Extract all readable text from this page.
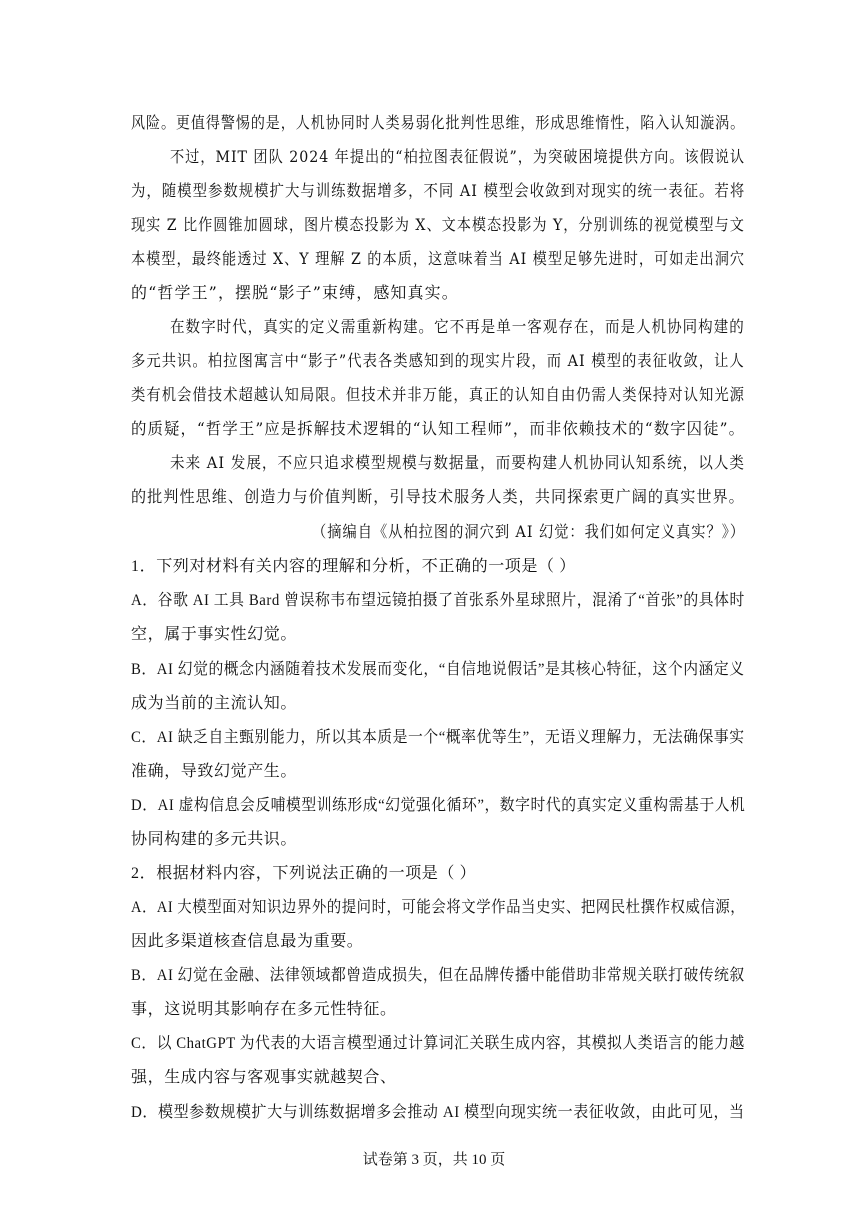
风险。更值得警惕的是，人机协同时人类易弱化批判性思维，形成思维惰性，陷入认知漩涡。
不过，MIT 团队 2024 年提出的“柏拉图表征假说”，为突破困境提供方向。该假说认
为，随模型参数规模扩大与训练数据增多，不同 AI 模型会收敛到对现实的统一表征。若将
现实 Z 比作圆锥加圆球，图片模态投影为 X、文本模态投影为 Y，分别训练的视觉模型与文
本模型，最终能透过 X、Y 理解 Z 的本质，这意味着当 AI 模型足够先进时，可如走出洞穴
的“哲学王”，摆脱“影子”束缚，感知真实。
在数字时代，真实的定义需重新构建。它不再是单一客观存在，而是人机协同构建的
多元共识。柏拉图寓言中“影子”代表各类感知到的现实片段，而 AI 模型的表征收敛，让人
类有机会借技术超越认知局限。但技术并非万能，真正的认知自由仍需人类保持对认知光源
的质疑，“哲学王”应是拆解技术逻辑的“认知工程师”，而非依赖技术的“数字囚徒”。
未来 AI 发展，不应只追求模型规模与数据量，而要构建人机协同认知系统，以人类
的批判性思维、创造力与价值判断，引导技术服务人类，共同探索更广阔的真实世界。
（摘编自《从柏拉图的洞穴到 AI 幻觉：我们如何定义真实？》）
1．下列对材料有关内容的理解和分析，不正确的一项是（ ）
A．谷歌 AI 工具 Bard 曾误称韦布望远镜拍摄了首张系外星球照片，混淆了“首张”的具体时
空，属于事实性幻觉。
B．AI 幻觉的概念内涵随着技术发展而变化，“自信地说假话”是其核心特征，这个内涵定义
成为当前的主流认知。
C．AI 缺乏自主甄别能力，所以其本质是一个“概率优等生”，无语义理解力，无法确保事实
准确，导致幻觉产生。
D．AI 虚构信息会反哺模型训练形成“幻觉强化循环”，数字时代的真实定义重构需基于人机
协同构建的多元共识。
2．根据材料内容，下列说法正确的一项是（ ）
A．AI 大模型面对知识边界外的提问时，可能会将文学作品当史实、把网民杜撰作权威信源，
因此多渠道核查信息最为重要。
B．AI 幻觉在金融、法律领域都曾造成损失，但在品牌传播中能借助非常规关联打破传统叙
事，这说明其影响存在多元性特征。
C．以 ChatGPT 为代表的大语言模型通过计算词汇关联生成内容，其模拟人类语言的能力越
强，生成内容与客观事实就越契合、
D．模型参数规模扩大与训练数据增多会推动 AI 模型向现实统一表征收敛，由此可见，当
试卷第 3 页，共 10 页
